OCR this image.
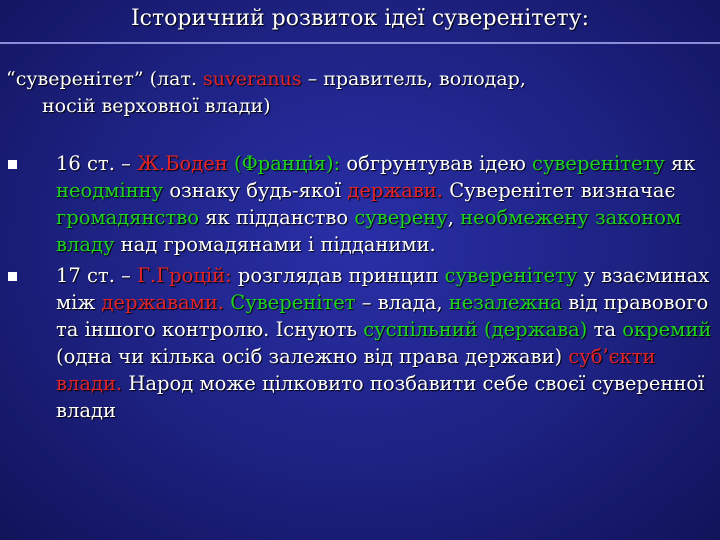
Історичний розвиток ідеї суверенітету:
“суверенітет” (лат. suveranus – правитель, володар,
носій верховної влади)
16 ст. – Ж.Боден (Франція): обгрунтував ідею суверенітету як неодмінну ознаку будь-якої держави. Суверенітет визначає громадянство як підданство суверену, необмежену законом владу над громадянами і підданими.
17 ст. – Г.Гроцій: розглядав принцип суверенітету у взаєминах між державами. Суверенітет – влада, незалежна від правового та іншого контролю. Існують суспільний (держава) та окремий (одна чи кілька осіб залежно від права держави) суб’єкти влади. Народ може цілковито позбавити себе своєї суверенної влади
